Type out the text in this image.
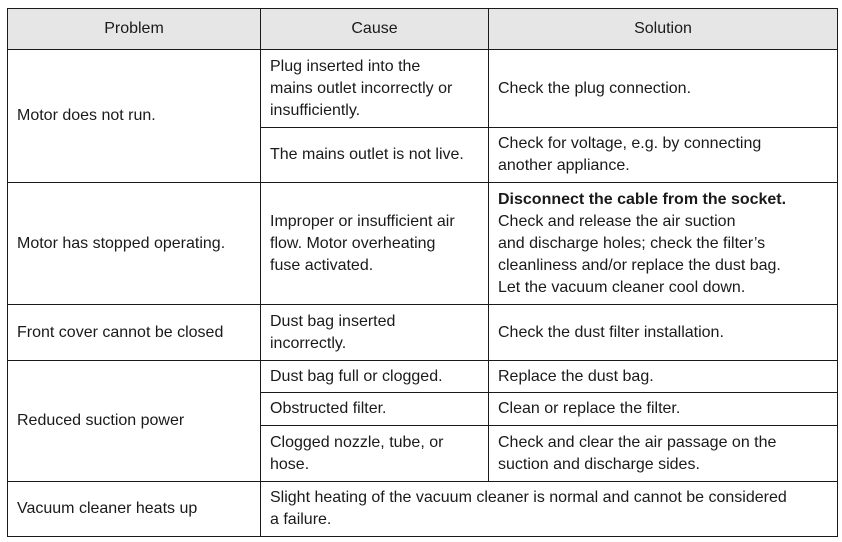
Problem	Cause	Solution
Motor does not run.	Plug inserted into the
mains outlet incorrectly or
insufficiently.	Check the plug connection.

	The mains outlet is not live.	Check for voltage, e.g. by connecting
another appliance.

Motor has stopped operating.	Improper or insufficient air
flow. Motor overheating
fuse activated.	Disconnect the cable from the socket.
Check and release the air suction
and discharge holes; check the filter’s
cleanliness and/or replace the dust bag.
Let the vacuum cleaner cool down.

Front cover cannot be closed	Dust bag inserted
incorrectly.	Check the dust filter installation.

Reduced suction power	Dust bag full or clogged.	Replace the dust bag.

	Obstructed filter.	Clean or replace the filter.

	Clogged nozzle, tube, or
hose.	Check and clear the air passage on the
suction and discharge sides.

Vacuum cleaner heats up	Slight heating of the vacuum cleaner is normal and cannot be considered
a failure.	
